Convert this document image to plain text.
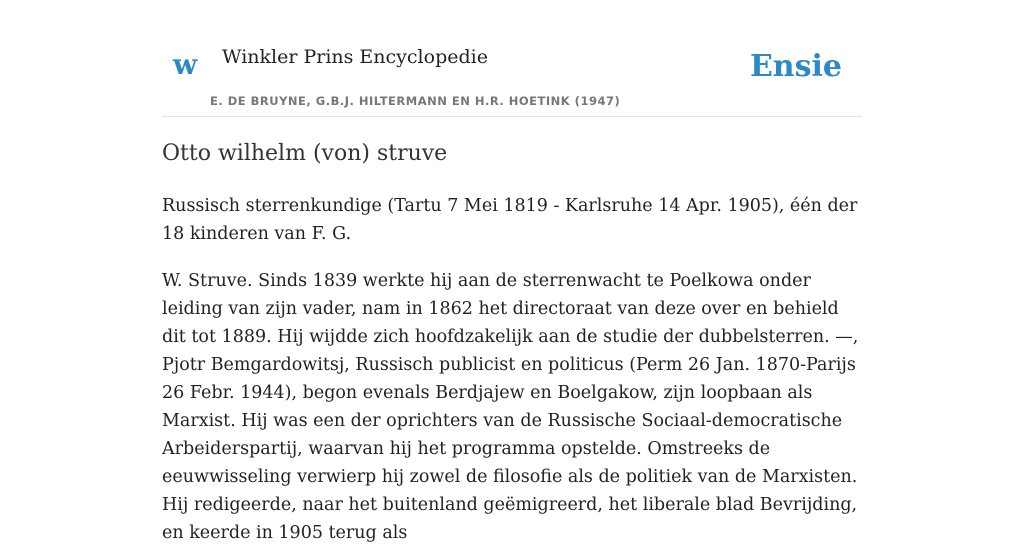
w Winkler Prins Encyclopedie
E. DE BRUYNE, G.B.J. HILTERMANN EN H.R. HOETINK (1947)
Ensie
Otto wilhelm (von) struve

Russisch sterrenkundige (Tartu 7 Mei 1819 - Karlsruhe 14 Apr. 1905), één der 18 kinderen van F. G.

W. Struve. Sinds 1839 werkte hij aan de sterrenwacht te Poelkowa onder leiding van zijn vader, nam in 1862 het directoraat van deze over en behield dit tot 1889. Hij wijdde zich hoofdzakelijk aan de studie der dubbelsterren. —, Pjotr Bemgardowitsj, Russisch publicist en politicus (Perm 26 Jan. 1870-Parijs 26 Febr. 1944), begon evenals Berdjajew en Boelgakow, zijn loopbaan als Marxist. Hij was een der oprichters van de Russische Sociaal-democratische Arbeiderspartij, waarvan hij het programma opstelde. Omstreeks de eeuwwisseling verwierp hij zowel de filosofie als de politiek van de Marxisten. Hij redigeerde, naar het buitenland geëmigreerd, het liberale blad Bevrijding, en keerde in 1905 terug als
